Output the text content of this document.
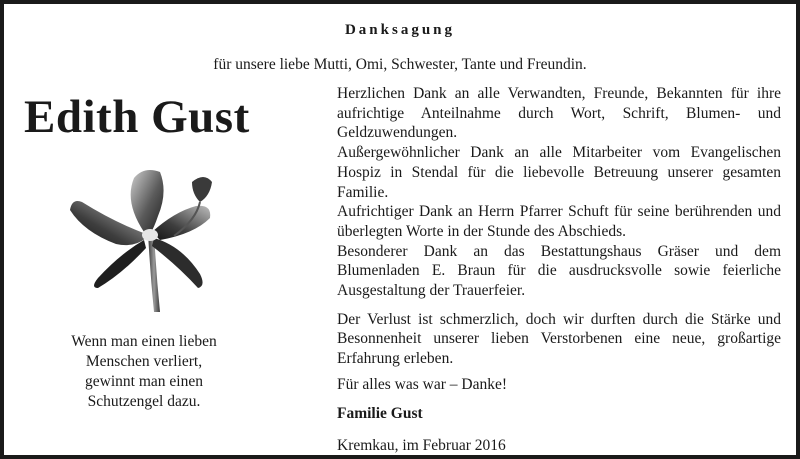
Danksagung
für unsere liebe Mutti, Omi, Schwester, Tante und Freundin.
Edith Gust
Wenn man einen lieben
Menschen verliert,
gewinnt man einen
Schutzengel dazu.

Herzlichen Dank an alle Verwandten, Freunde, Bekannten für ihre aufrichtige Anteilnahme durch Wort, Schrift, Blumen- und Geldzuwendungen.

Außergewöhnlicher Dank an alle Mitarbeiter vom Evangelischen Hospiz in Stendal für die liebevolle Betreuung unserer gesamten Familie.

Aufrichtiger Dank an Herrn Pfarrer Schuft für seine berührenden und überlegten Worte in der Stunde des Abschieds.

Besonderer Dank an das Bestattungshaus Gräser und dem Blumenladen E. Braun für die ausdrucksvolle sowie feierliche Ausgestaltung der Trauerfeier.

Der Verlust ist schmerzlich, doch wir durften durch die Stärke und Besonnenheit unserer lieben Verstorbenen eine neue, großartige Erfahrung erleben.

Für alles was war – Danke!

Familie Gust

Kremkau, im Februar 2016
